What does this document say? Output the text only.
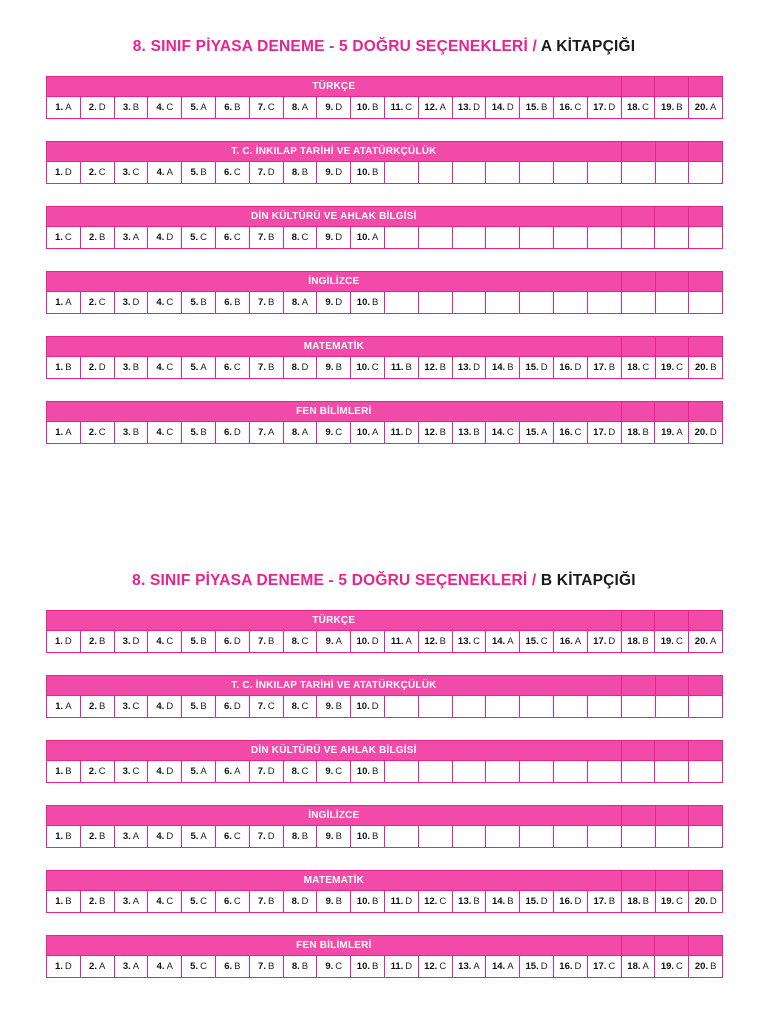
8. SINIF PİYASA DENEME - 5 DOĞRU SEÇENEKLERİ / A KİTAPÇIĞI
TÜRKÇE																			
1. A	2. D	3. B	4. C	5. A	6. B	7. C	8. A	9. D	10. B	11. C	12. A	13. D	14. D	15. B	16. C	17. D	18. C	19. B	20. A
T. C. İNKILAP TARİHİ VE ATATÜRKÇÜLÜK																			
1. D	2. C	3. C	4. A	5. B	6. C	7. D	8. B	9. D	10. B										
DİN KÜLTÜRÜ VE AHLAK BİLGİSİ																			
1. C	2. B	3. A	4. D	5. C	6. C	7. B	8. C	9. D	10. A										
İNGİLİZCE																			
1. A	2. C	3. D	4. C	5. B	6. B	7. B	8. A	9. D	10. B										
MATEMATİK																			
1. B	2. D	3. B	4. C	5. A	6. C	7. B	8. D	9. B	10. C	11. B	12. B	13. D	14. B	15. D	16. D	17. B	18. C	19. C	20. B
FEN BİLİMLERİ																			
1. A	2. C	3. B	4. C	5. B	6. D	7. A	8. A	9. C	10. A	11. D	12. B	13. B	14. C	15. A	16. C	17. D	18. B	19. A	20. D
8. SINIF PİYASA DENEME - 5 DOĞRU SEÇENEKLERİ / B KİTAPÇIĞI
TÜRKÇE																			
1. D	2. B	3. D	4. C	5. B	6. D	7. B	8. C	9. A	10. D	11. A	12. B	13. C	14. A	15. C	16. A	17. D	18. B	19. C	20. A
T. C. İNKILAP TARİHİ VE ATATÜRKÇÜLÜK																			
1. A	2. B	3. C	4. D	5. B	6. D	7. C	8. C	9. B	10. D										
DİN KÜLTÜRÜ VE AHLAK BİLGİSİ																			
1. B	2. C	3. C	4. D	5. A	6. A	7. D	8. C	9. C	10. B										
İNGİLİZCE																			
1. B	2. B	3. A	4. D	5. A	6. C	7. D	8. B	9. B	10. B										
MATEMATİK																			
1. B	2. B	3. A	4. C	5. C	6. C	7. B	8. D	9. B	10. B	11. D	12. C	13. B	14. B	15. D	16. D	17. B	18. B	19. C	20. D
FEN BİLİMLERİ																			
1. D	2. A	3. A	4. A	5. C	6. B	7. B	8. B	9. C	10. B	11. D	12. C	13. A	14. A	15. D	16. D	17. C	18. A	19. C	20. B
